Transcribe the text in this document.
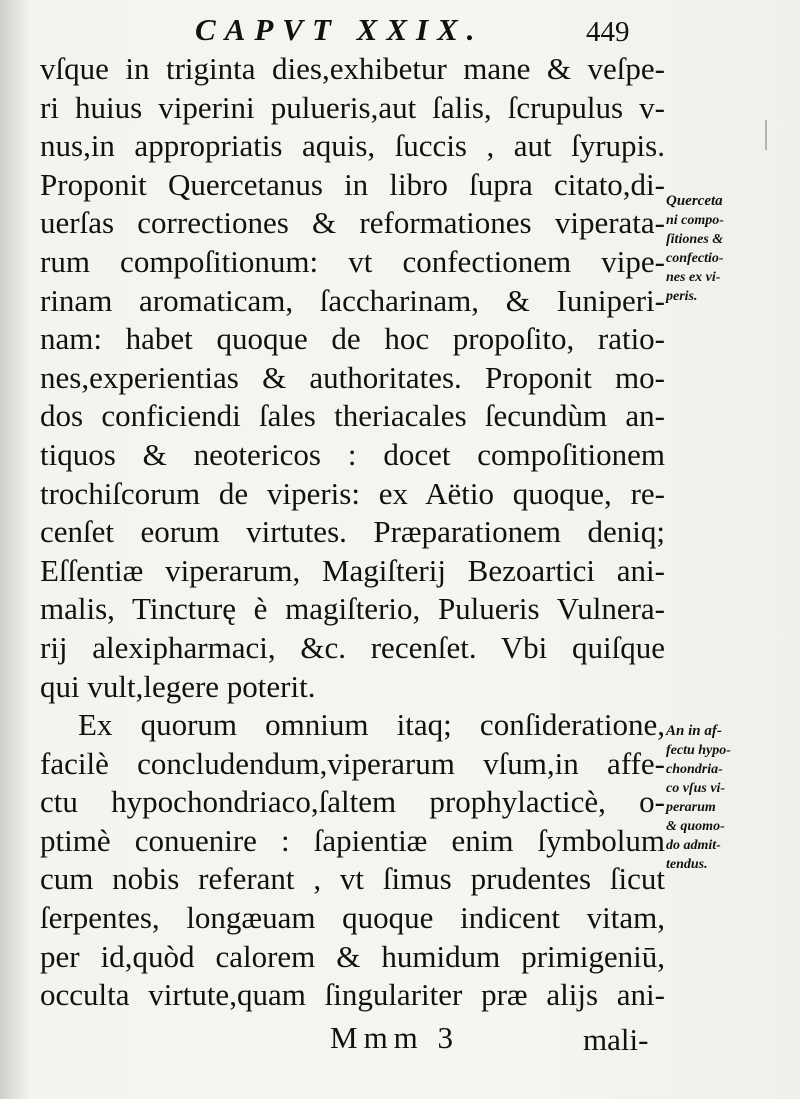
CAPVT XXIX.	449
vſque in triginta dies,exhibetur mane & veſpe-
ri huius viperini pulueris,aut ſalis, ſcrupulus v-
nus,in appropriatis aquis, ſuccis , aut ſyrupis.
Proponit Quercetanus in libro ſupra citato,di-
uerſas correctiones & reformationes viperata-
rum compoſitionum: vt confectionem vipe-
rinam aromaticam, ſaccharinam, & Iuniperi-
nam: habet quoque de hoc propoſito, ratio-
nes,experientias & authoritates. Proponit mo-
dos conficiendi ſales theriacales ſecundùm an-
tiquos & neotericos : docet compoſitionem
trochiſcorum de viperis: ex Aëtio quoque, re-
cenſet eorum virtutes. Præparationem deniq;
Eſſentiæ viperarum, Magiſterij Bezoartici ani-
malis, Tincturę è magiſterio, Pulueris Vulnera-
rij alexipharmaci, &c. recenſet. Vbi quiſque
qui vult,legere poterit.
Ex quorum omnium itaq; conſideratione,
facilè concludendum,viperarum vſum,in affe-
ctu hypochondriaco,ſaltem prophylacticè, o-
ptimè conuenire : ſapientiæ enim ſymbolum
cum nobis referant , vt ſimus prudentes ſicut
ſerpentes, longæuam quoque indicent vitam,
per id,quòd calorem & humidum primigeniū,
occulta virtute,quam ſingulariter præ alijs ani-
Quercetа
ni compo-
ſitiones &
confectio-
nes ex vi-
peris.
An in af-
fectu hypo-
chondria-
co vſus vi-
perarum
& quomo-
do admit-
tendus.
Mmm 3	mali-
